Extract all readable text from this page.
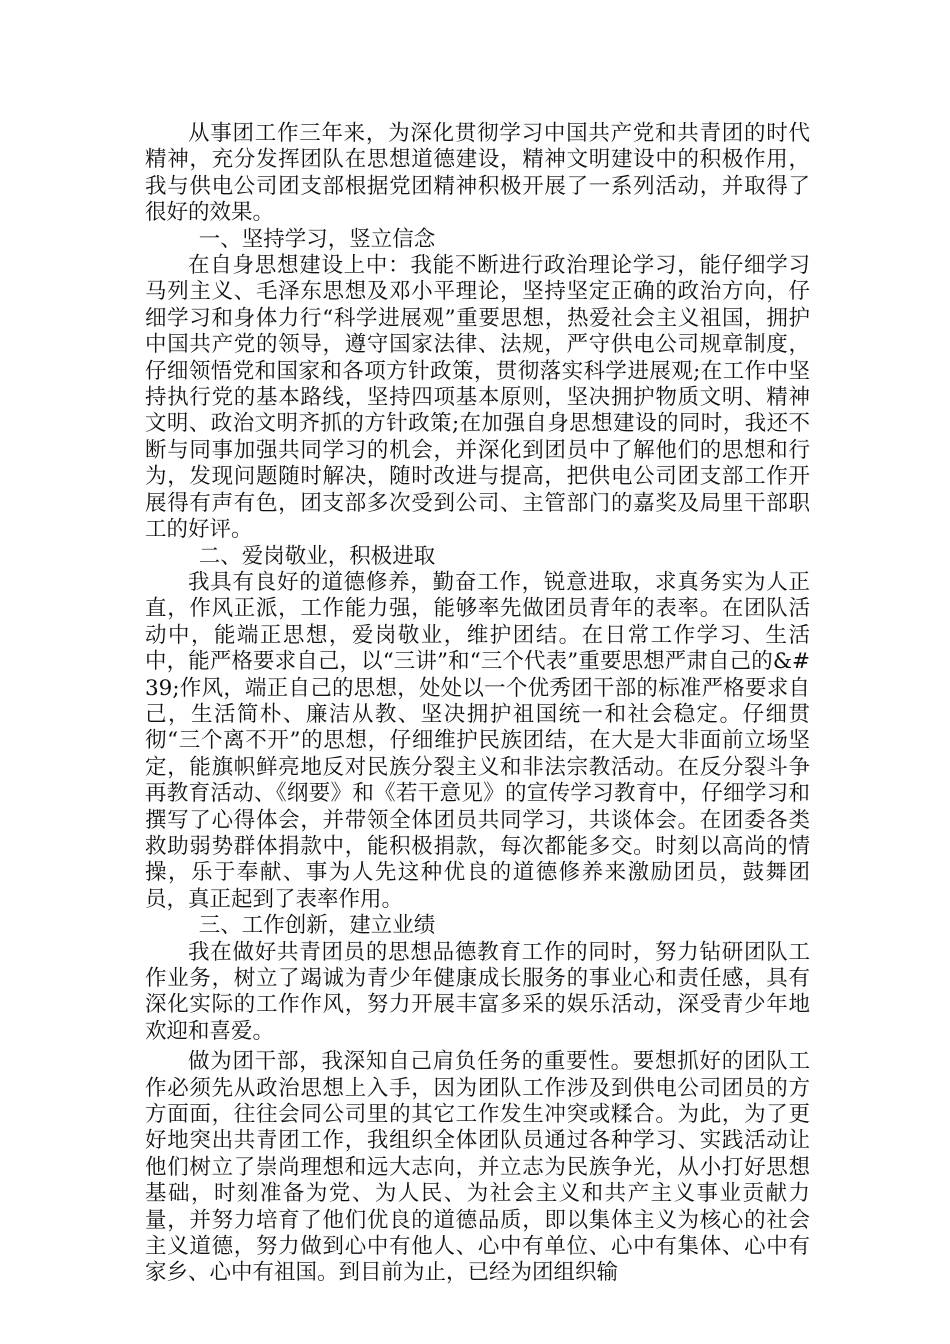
从事团工作三年来，为深化贯彻学习中国共产党和共青团的时代精神，充分发挥团队在思想道德建设，精神文明建设中的积极作用，我与供电公司团支部根据党团精神积极开展了一系列活动，并取得了很好的效果。

一、坚持学习，竖立信念

在自身思想建设上中：我能不断进行政治理论学习，能仔细学习马列主义、毛泽东思想及邓小平理论，坚持坚定正确的政治方向，仔细学习和身体力行“科学进展观”重要思想，热爱社会主义祖国，拥护中国共产党的领导，遵守国家法律、法规，严守供电公司规章制度，仔细领悟党和国家和各项方针政策，贯彻落实科学进展观;在工作中坚持执行党的基本路线，坚持四项基本原则，坚决拥护物质文明、精神文明、政治文明齐抓的方针政策;在加强自身思想建设的同时，我还不断与同事加强共同学习的机会，并深化到团员中了解他们的思想和行为，发现问题随时解决，随时改进与提高，把供电公司团支部工作开展得有声有色，团支部多次受到公司、主管部门的嘉奖及局里干部职工的好评。

二、爱岗敬业，积极进取

我具有良好的道德修养，勤奋工作，锐意进取，求真务实为人正直，作风正派，工作能力强，能够率先做团员青年的表率。在团队活动中，能端正思想，爱岗敬业，维护团结。在日常工作学习、生活中，能严格要求自己，以“三讲”和“三个代表”重要思想严肃自己的&#39;作风，端正自己的思想，处处以一个优秀团干部的标准严格要求自己，生活简朴、廉洁从教、坚决拥护祖国统一和社会稳定。仔细贯彻“三个离不开”的思想，仔细维护民族团结，在大是大非面前立场坚定，能旗帜鲜亮地反对民族分裂主义和非法宗教活动。在反分裂斗争再教育活动、《纲要》和《若干意见》的宣传学习教育中，仔细学习和撰写了心得体会，并带领全体团员共同学习，共谈体会。在团委各类救助弱势群体捐款中，能积极捐款，每次都能多交。时刻以高尚的情操，乐于奉献、事为人先这种优良的道德修养来激励团员，鼓舞团员，真正起到了表率作用。

三、工作创新，建立业绩

我在做好共青团员的思想品德教育工作的同时，努力钻研团队工作业务，树立了竭诚为青少年健康成长服务的事业心和责任感，具有深化实际的工作作风，努力开展丰富多采的娱乐活动，深受青少年地欢迎和喜爱。

做为团干部，我深知自己肩负任务的重要性。要想抓好的团队工作必须先从政治思想上入手，因为团队工作涉及到供电公司团员的方方面面，往往会同公司里的其它工作发生冲突或糅合。为此，为了更好地突出共青团工作，我组织全体团队员通过各种学习、实践活动让他们树立了崇尚理想和远大志向，并立志为民族争光，从小打好思想基础，时刻准备为党、为人民、为社会主义和共产主义事业贡献力量，并努力培育了他们优良的道德品质，即以集体主义为核心的社会主义道德，努力做到心中有他人、心中有单位、心中有集体、心中有家乡、心中有祖国。到目前为止，已经为团组织输
